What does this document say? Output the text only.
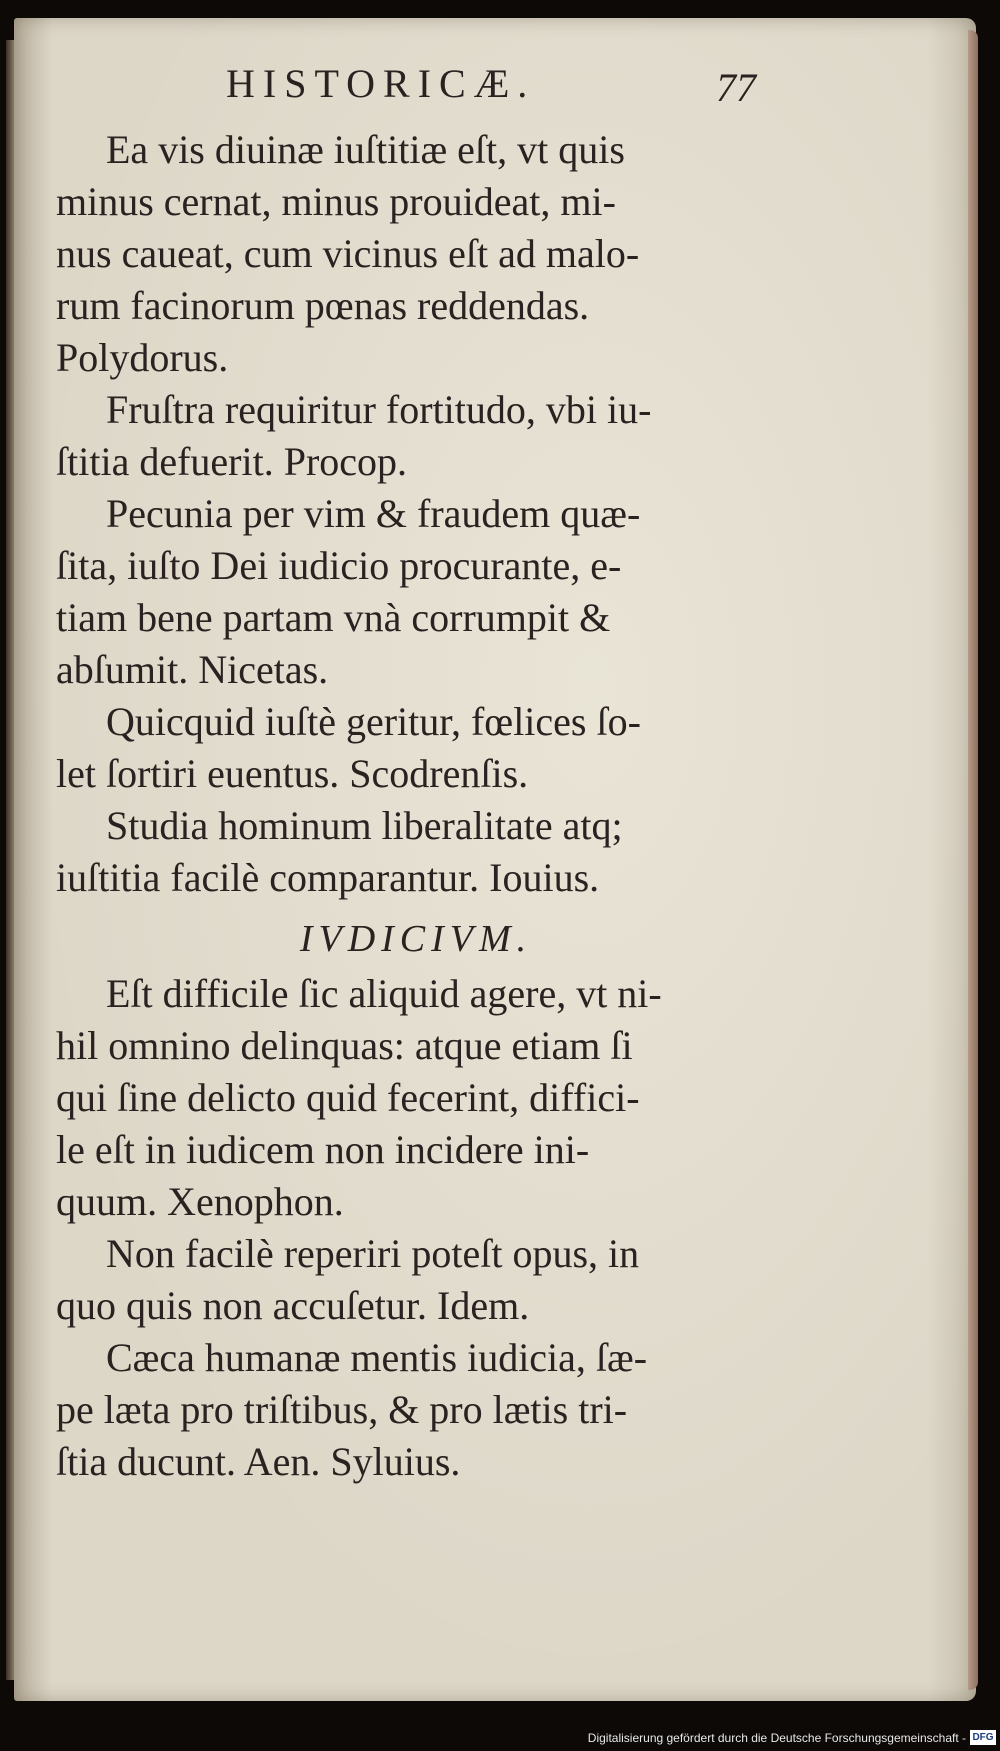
HISTORICÆ.	77
Ea vis diuinæ iuſtitiæ eſt, vt quis
minus cernat, minus prouideat, mi-
nus caueat, cum vicinus eſt ad malo-
rum facinorum pœnas reddendas.
Polydorus.
Fruſtra requiritur fortitudo, vbi iu-
ſtitia defuerit. Procop.
Pecunia per vim & fraudem quæ-
ſita, iuſto Dei iudicio procurante, e-
tiam bene partam vnà corrumpit &
abſumit. Nicetas.
Quicquid iuſtè geritur, fœlices ſo-
let ſortiri euentus. Scodrenſis.
Studia hominum liberalitate atq;
iuſtitia facilè comparantur. Iouius.
IVDICIVM.
Eſt difficile ſic aliquid agere, vt ni-
hil omnino delinquas: atque etiam ſi
qui ſine delicto quid fecerint, diffici-
le eſt in iudicem non incidere ini-
quum. Xenophon.
Non facilè reperiri poteſt opus, in
quo quis non accuſetur. Idem.
Cæca humanæ mentis iudicia, ſæ-
pe læta pro triſtibus, & pro lætis tri-
ſtia ducunt. Aen. Syluius.
Digitalisierung gefördert durch die Deutsche Forschungsgemeinschaft - DFG
